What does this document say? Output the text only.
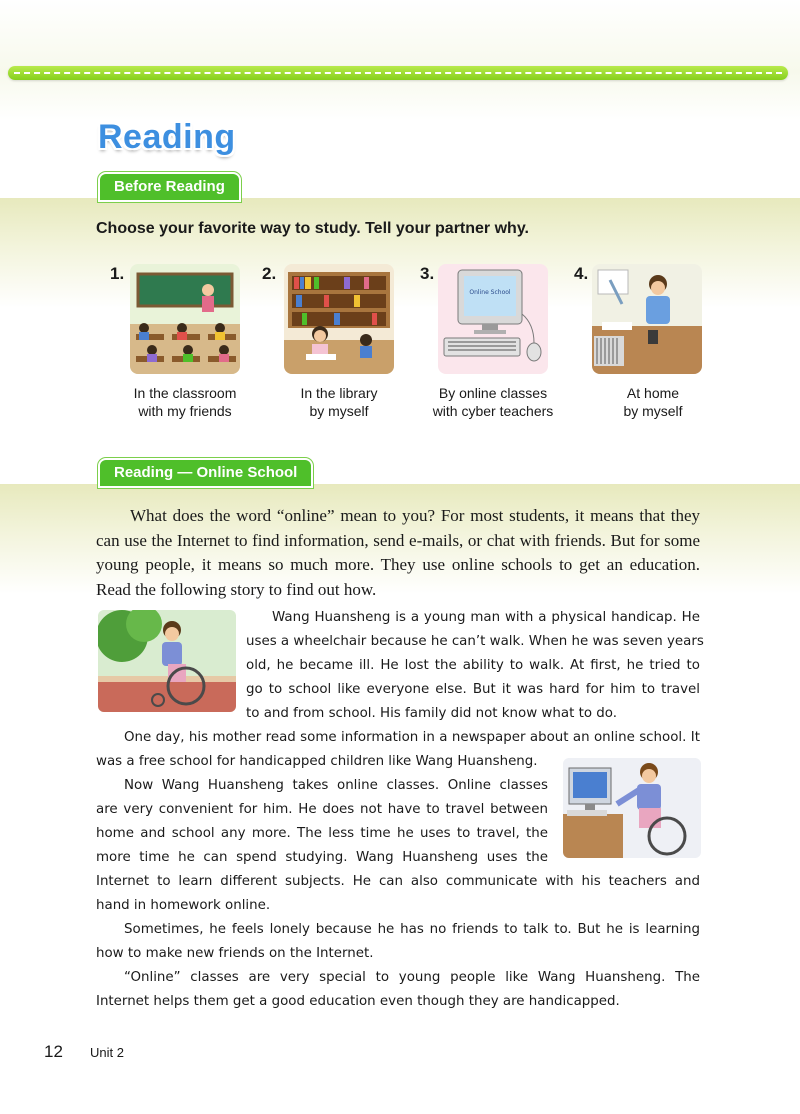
Reading
Before Reading
Choose your favorite way to study. Tell your partner why.
1.
In the classroom
with my friends
2.
In the library
by myself
3.
Online School
By online classes
with cyber teachers
4.
At home
by myself
Reading — Online School

What does the word “online” mean to you? For most students, it means that they can use the Internet to find information, send e-mails, or chat with friends. But for some young people, it means so much more. They use online schools to get an education. Read the following story to find out how.

Wang Huansheng is a young man with a physical handicap. He
uses a wheelchair because he can’t walk. When he was seven years
old, he became ill. He lost the ability to walk. At first, he tried to
go to school like everyone else. But it was hard for him to travel
to and from school. His family did not know what to do.
One day, his mother read some information in a newspaper about an online school. It
was a free school for handicapped children like Wang Huansheng.
Now Wang Huansheng takes online classes. Online classes
are very convenient for him. He does not have to travel between
home and school any more. The less time he uses to travel, the
more time he can spend studying. Wang Huansheng uses the
Internet to learn different subjects. He can also communicate with his teachers and
hand in homework online.
Sometimes, he feels lonely because he has no friends to talk to. But he is learning
how to make new friends on the Internet.
“Online” classes are very special to young people like Wang Huansheng. The
Internet helps them get a good education even though they are handicapped.
12 Unit 2
